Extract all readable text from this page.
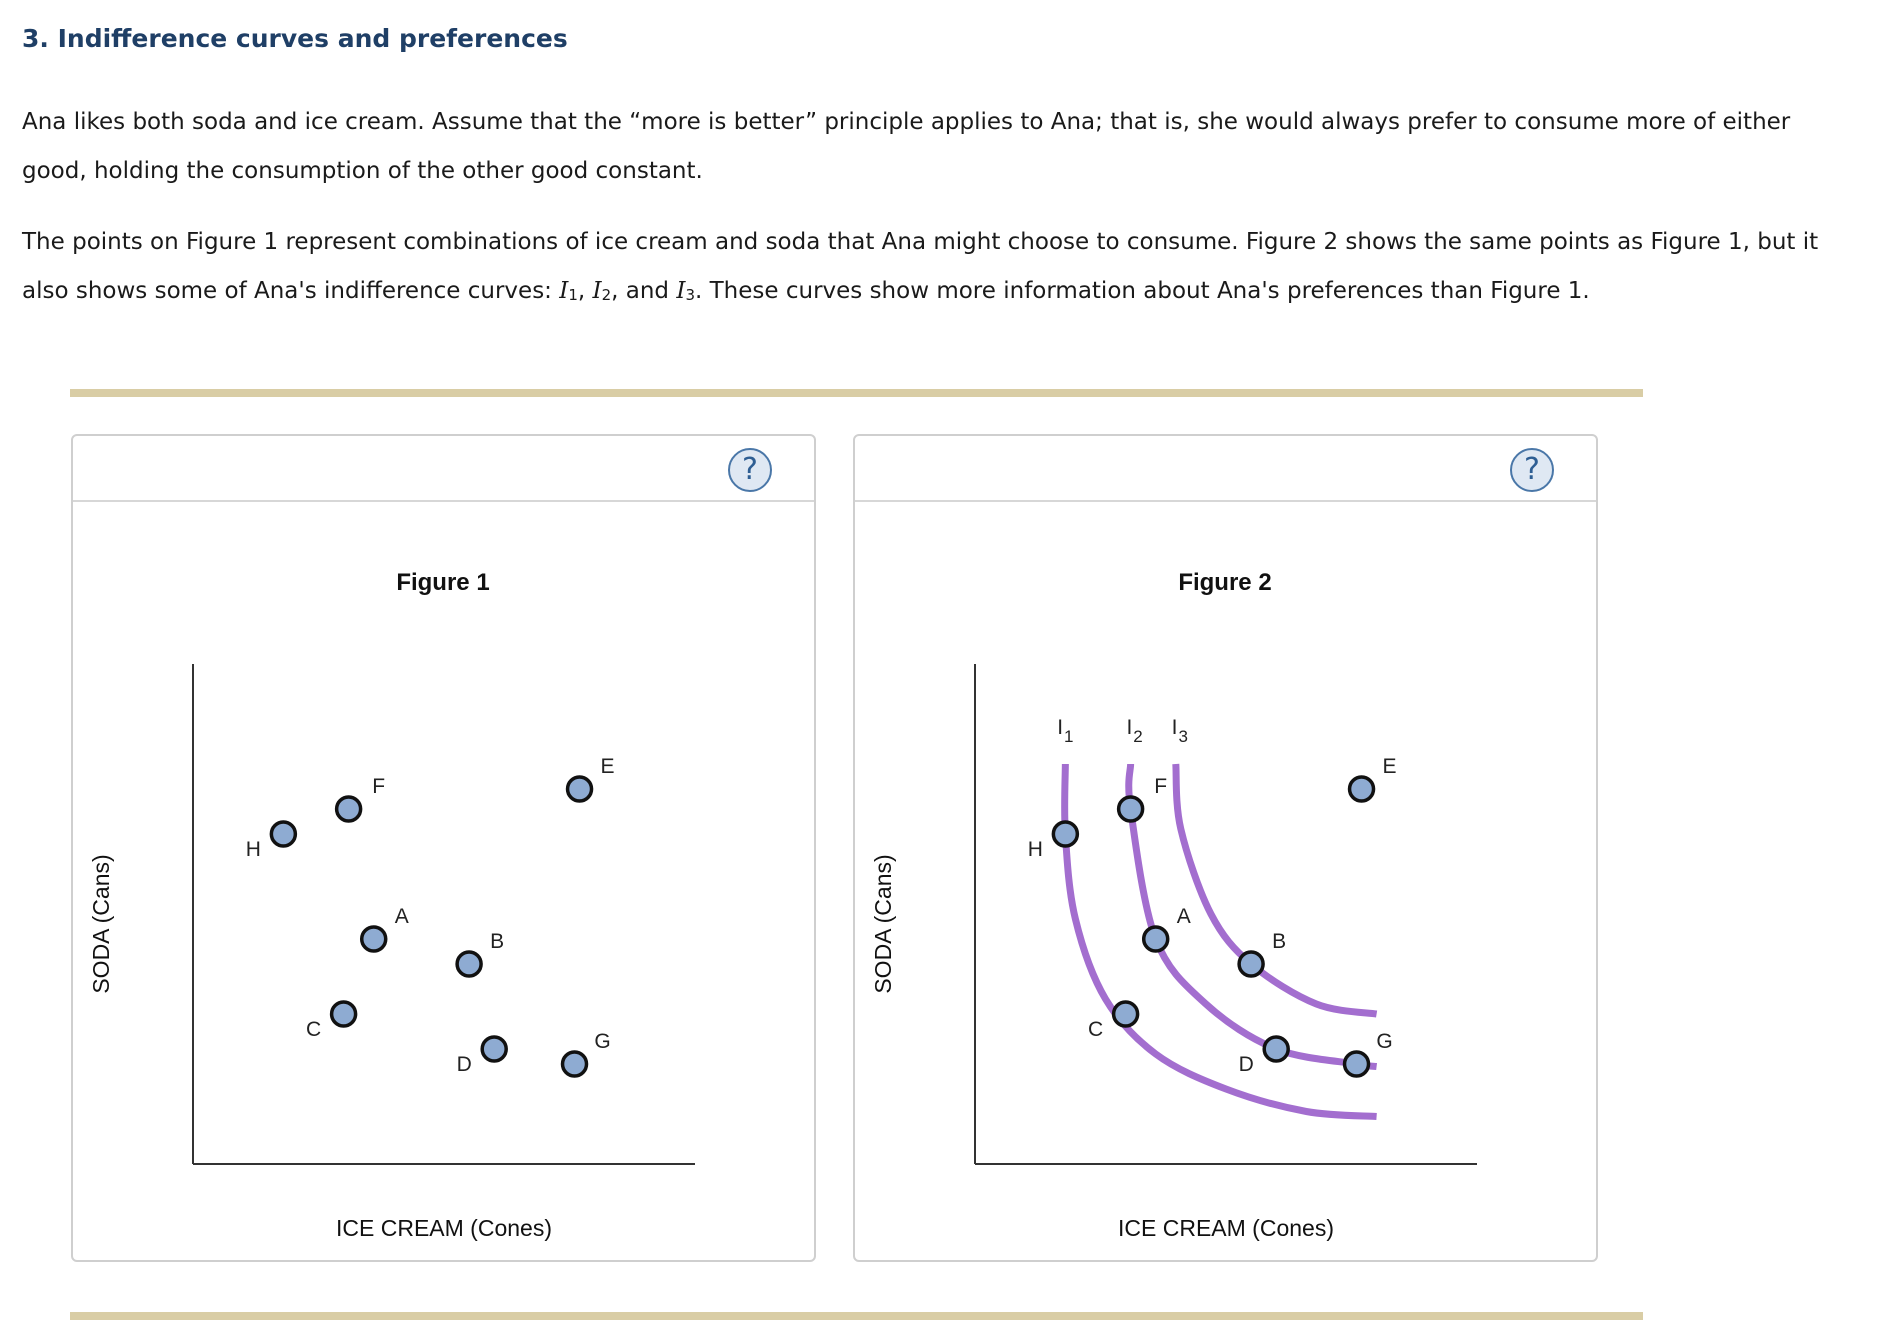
3. Indifference curves and preferences
Ana likes both soda and ice cream. Assume that the “more is better” principle applies to Ana; that is, she would always prefer to consume more of either good, holding the consumption of the other good constant.
The points on Figure 1 represent combinations of ice cream and soda that Ana might choose to consume. Figure 2 shows the same points as Figure 1, but it also shows some of Ana's indifference curves: $I_1$, $I_2$, and $I_3$. These curves show more information about Ana's preferences than Figure 1.
?
Figure 1
ICE CREAM (Cones)
SODA (Cans)
H
F
A
C
B
D
E
G
?
Figure 2
ICE CREAM (Cones)
SODA (Cans)
$I_1$	$I_2$ $I_3$
H
F
A
C
B
D
E
G
